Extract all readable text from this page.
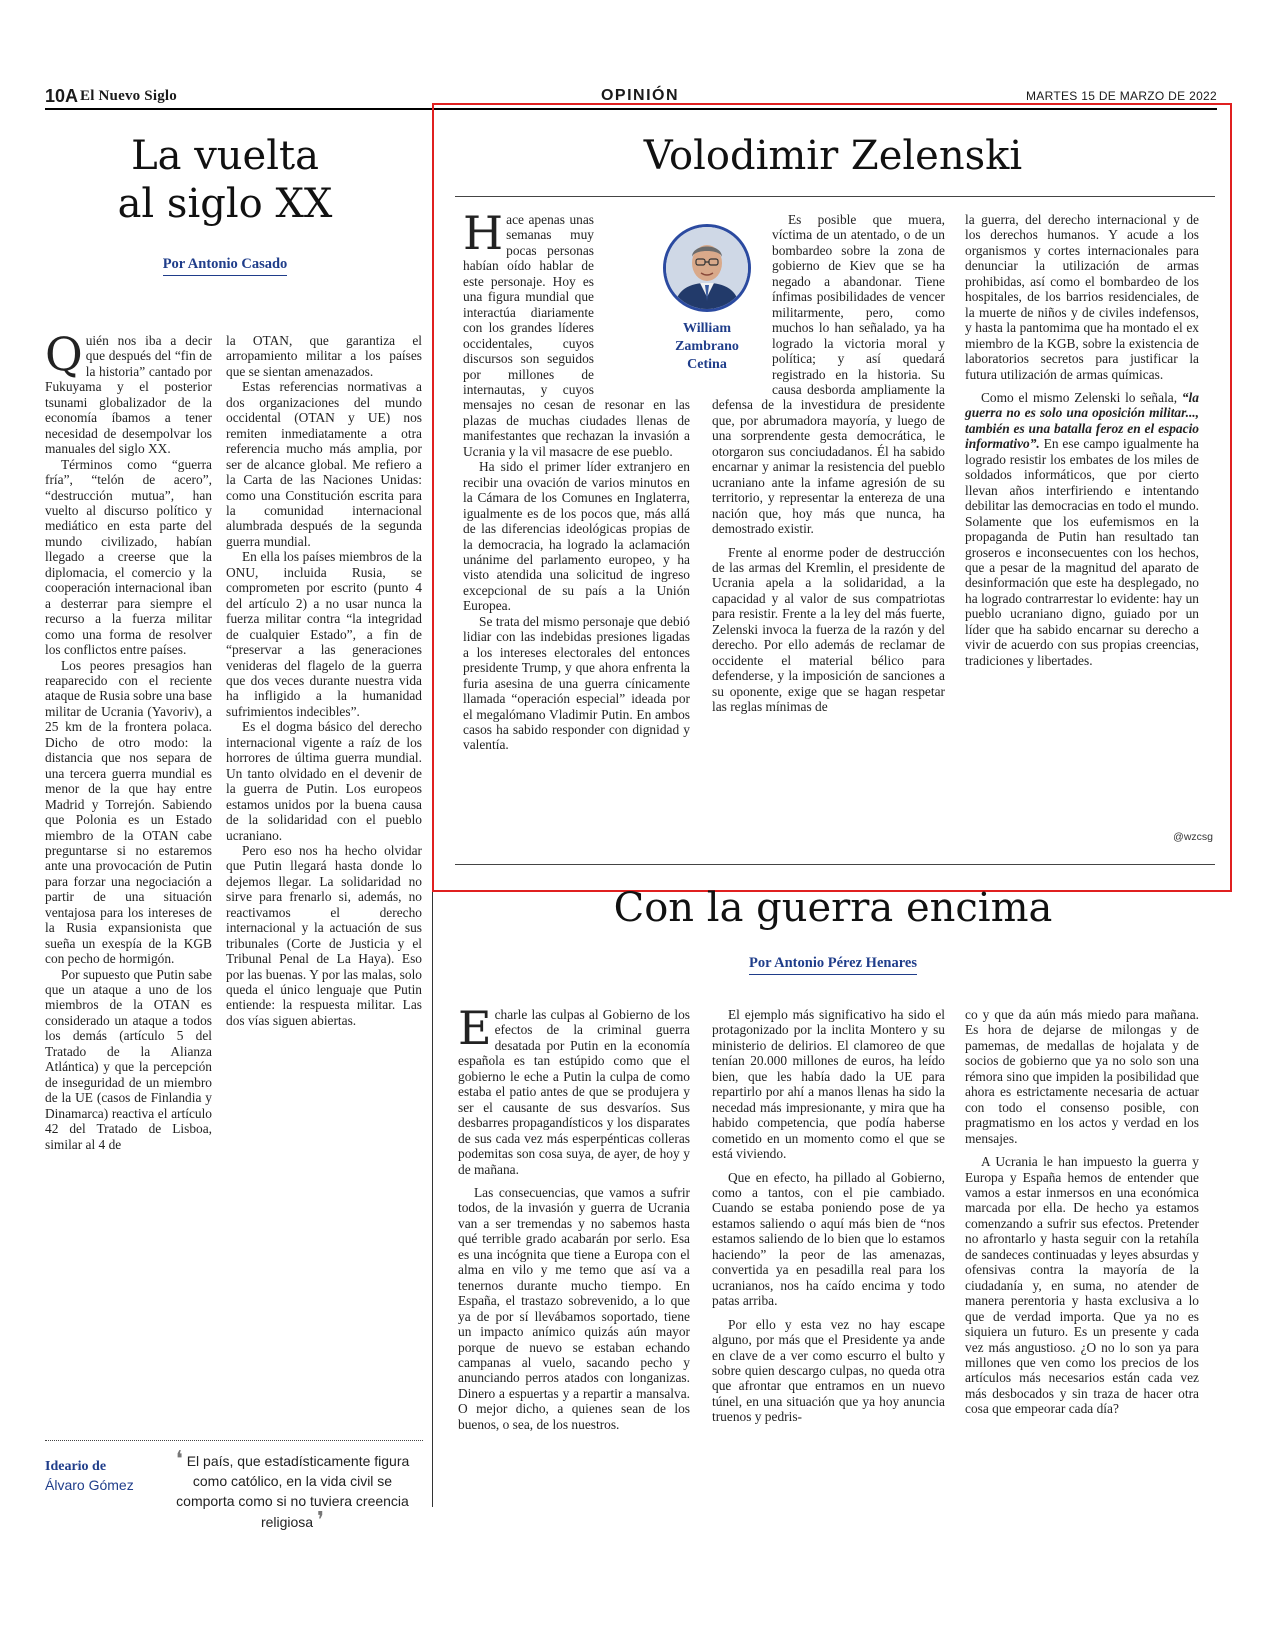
10A El Nuevo Siglo	OPINIÓN	MARTES 15 DE MARZO DE 2022
La vuelta
al siglo XX
Por Antonio Casado

Quién nos iba a decir que después del “fin de la historia” cantado por Fukuyama y el posterior tsunami globalizador de la economía íbamos a tener necesidad de desempolvar los manuales del siglo XX.

Términos como “guerra fría”, “telón de acero”, “destrucción mutua”, han vuelto al discurso político y mediático en esta parte del mundo civilizado, habían llegado a creerse que la diplomacia, el comercio y la cooperación internacional iban a desterrar para siempre el recurso a la fuerza militar como una forma de resolver los conflictos entre países.

Los peores presagios han reaparecido con el reciente ataque de Rusia sobre una base militar de Ucrania (Yavoriv), a 25 km de la frontera polaca. Dicho de otro modo: la distancia que nos separa de una tercera guerra mundial es menor de la que hay entre Madrid y Torrejón. Sabiendo que Polonia es un Estado miembro de la OTAN cabe preguntarse si no estaremos ante una provocación de Putin para forzar una negociación a partir de una situación ventajosa para los intereses de la Rusia expansionista que sueña un exespía de la KGB con pecho de hormigón.

Por supuesto que Putin sabe que un ataque a uno de los miembros de la OTAN es considerado un ataque a todos los demás (artículo 5 del Tratado de la Alianza Atlántica) y que la percepción de inseguridad de un miembro de la UE (casos de Finlandia y Dinamarca) reactiva el artículo 42 del Tratado de Lisboa, similar al 4 de

la OTAN, que garantiza el arropamiento militar a los países que se sientan amenazados.

Estas referencias normativas a dos organizaciones del mundo occidental (OTAN y UE) nos remiten inmediatamente a otra referencia mucho más amplia, por ser de alcance global. Me refiero a la Carta de las Naciones Unidas: como una Constitución escrita para la comunidad internacional alumbrada después de la segunda guerra mundial.

En ella los países miembros de la ONU, incluida Rusia, se comprometen por escrito (punto 4 del artículo 2) a no usar nunca la fuerza militar contra “la integridad de cualquier Estado”, a fin de “preservar a las generaciones venideras del flagelo de la guerra que dos veces durante nuestra vida ha infligido a la humanidad sufrimientos indecibles”.

Es el dogma básico del derecho internacional vigente a raíz de los horrores de última guerra mundial. Un tanto olvidado en el devenir de la guerra de Putin. Los europeos estamos unidos por la buena causa de la solidaridad con el pueblo ucraniano.

Pero eso nos ha hecho olvidar que Putin llegará hasta donde lo dejemos llegar. La solidaridad no sirve para frenarlo si, además, no reactivamos el derecho internacional y la actuación de sus tribunales (Corte de Justicia y el Tribunal Penal de La Haya). Eso por las buenas. Y por las malas, solo queda el único lenguaje que Putin entiende: la respuesta militar. Las dos vías siguen abiertas.

Ideario de
Álvaro Gómez
❛ El país, que estadísticamente figura como católico, en la vida civil se comporta como si no tuviera creencia religiosa ❜
Volodimir Zelenski
William
Zambrano
Cetina

Hace apenas unas semanas muy pocas personas habían oído hablar de este personaje. Hoy es una figura mundial que interactúa diariamente con los grandes líderes occidentales, cuyos discursos son seguidos por millones de internautas, y cuyos mensajes no cesan de resonar en las plazas de muchas ciudades llenas de manifestantes que rechazan la invasión a Ucrania y la vil masacre de ese pueblo.

Ha sido el primer líder extranjero en recibir una ovación de varios minutos en la Cámara de los Comunes en Inglaterra, igualmente es de los pocos que, más allá de las diferencias ideológicas propias de la democracia, ha logrado la aclamación unánime del parlamento europeo, y ha visto atendida una solicitud de ingreso excepcional de su país a la Unión Europea.

Se trata del mismo personaje que debió lidiar con las indebidas presiones ligadas a los intereses electorales del entonces presidente Trump, y que ahora enfrenta la furia asesina de una guerra cínicamente llamada “operación especial” ideada por el megalómano Vladimir Putin. En ambos casos ha sabido responder con dignidad y valentía.

Es posible que muera, víctima de un atentado, o de un bombardeo sobre la zona de gobierno de Kiev que se ha negado a abandonar. Tiene ínfimas posibilidades de vencer militarmente, pero, como muchos lo han señalado, ya ha logrado la victoria moral y política; y así quedará registrado en la historia. Su causa desborda ampliamente la defensa de la investidura de presidente que, por abrumadora mayoría, y luego de una sorprendente gesta democrática, le otorgaron sus conciudadanos. Él ha sabido encarnar y animar la resistencia del pueblo ucraniano ante la infame agresión de su territorio, y representar la entereza de una nación que, hoy más que nunca, ha demostrado existir.

Frente al enorme poder de destrucción de las armas del Kremlin, el presidente de Ucrania apela a la solidaridad, a la capacidad y al valor de sus compatriotas para resistir. Frente a la ley del más fuerte, Zelenski invoca la fuerza de la razón y del derecho. Por ello además de reclamar de occidente el material bélico para defenderse, y la imposición de sanciones a su oponente, exige que se hagan respetar las reglas mínimas de

la guerra, del derecho internacional y de los derechos humanos. Y acude a los organismos y cortes internacionales para denunciar la utilización de armas prohibidas, así como el bombardeo de los hospitales, de los barrios residenciales, de la muerte de niños y de civiles indefensos, y hasta la pantomima que ha montado el ex miembro de la KGB, sobre la existencia de laboratorios secretos para justificar la futura utilización de armas químicas.

Como el mismo Zelenski lo señala, “la guerra no es solo una oposición militar..., también es una batalla feroz en el espacio informativo”. En ese campo igualmente ha logrado resistir los embates de los miles de soldados informáticos, que por cierto llevan años interfiriendo e intentando debilitar las democracias en todo el mundo. Solamente que los eufemismos en la propaganda de Putin han resultado tan groseros e inconsecuentes con los hechos, que a pesar de la magnitud del aparato de desinformación que este ha desplegado, no ha logrado contrarrestar lo evidente: hay un pueblo ucraniano digno, guiado por un líder que ha sabido encarnar su derecho a vivir de acuerdo con sus propias creencias, tradiciones y libertades.

@wzcsg
Con la guerra encima
Por Antonio Pérez Henares

Echarle las culpas al Gobierno de los efectos de la criminal guerra desatada por Putin en la economía española es tan estúpido como que el gobierno le eche a Putin la culpa de como estaba el patio antes de que se produjera y ser el causante de sus desvaríos. Sus desbarres propagandísticos y los disparates de sus cada vez más esperpénticas colleras podemitas son cosa suya, de ayer, de hoy y de mañana.

Las consecuencias, que vamos a sufrir todos, de la invasión y guerra de Ucrania van a ser tremendas y no sabemos hasta qué terrible grado acabarán por serlo. Esa es una incógnita que tiene a Europa con el alma en vilo y me temo que así va a tenernos durante mucho tiempo. En España, el trastazo sobrevenido, a lo que ya de por sí llevábamos soportado, tiene un impacto anímico quizás aún mayor porque de nuevo se estaban echando campanas al vuelo, sacando pecho y anunciando perros atados con longanizas. Dinero a espuertas y a repartir a mansalva. O mejor dicho, a quienes sean de los buenos, o sea, de los nuestros.

El ejemplo más significativo ha sido el protagonizado por la inclita Montero y su ministerio de delirios. El clamoreo de que tenían 20.000 millones de euros, ha leído bien, que les había dado la UE para repartirlo por ahí a manos llenas ha sido la necedad más impresionante, y mira que ha habido competencia, que podía haberse cometido en un momento como el que se está viviendo.

Que en efecto, ha pillado al Gobierno, como a tantos, con el pie cambiado. Cuando se estaba poniendo pose de ya estamos saliendo o aquí más bien de “nos estamos saliendo de lo bien que lo estamos haciendo” la peor de las amenazas, convertida ya en pesadilla real para los ucranianos, nos ha caído encima y todo patas arriba.

Por ello y esta vez no hay escape alguno, por más que el Presidente ya ande en clave de a ver como escurro el bulto y sobre quien descargo culpas, no queda otra que afrontar que entramos en un nuevo túnel, en una situación que ya hoy anuncia truenos y pedris-

co y que da aún más miedo para mañana. Es hora de dejarse de milongas y de pamemas, de medallas de hojalata y de socios de gobierno que ya no solo son una rémora sino que impiden la posibilidad que ahora es estrictamente necesaria de actuar con todo el consenso posible, con pragmatismo en los actos y verdad en los mensajes.

A Ucrania le han impuesto la guerra y Europa y España hemos de entender que vamos a estar inmersos en una económica marcada por ella. De hecho ya estamos comenzando a sufrir sus efectos. Pretender no afrontarlo y hasta seguir con la retahíla de sandeces continuadas y leyes absurdas y ofensivas contra la mayoría de la ciudadanía y, en suma, no atender de manera perentoria y hasta exclusiva a lo que de verdad importa. Que ya no es siquiera un futuro. Es un presente y cada vez más angustioso. ¿O no lo son ya para millones que ven como los precios de los artículos más necesarios están cada vez más desbocados y sin traza de hacer otra cosa que empeorar cada día?
